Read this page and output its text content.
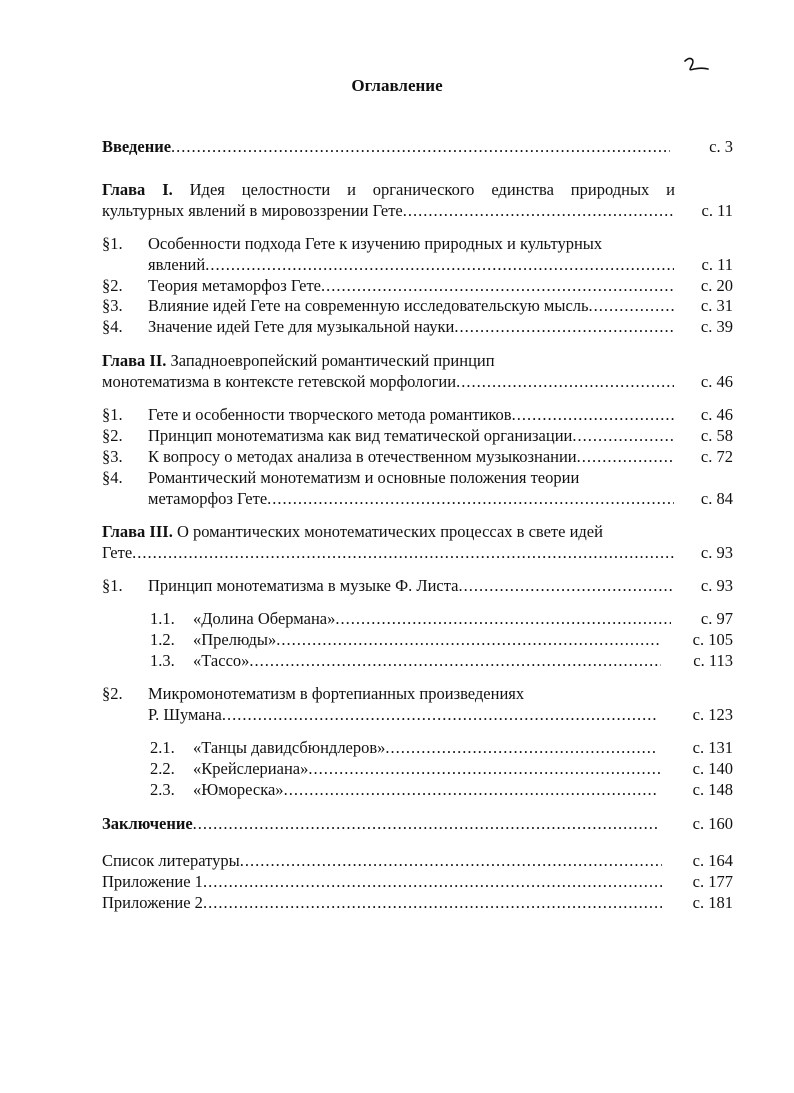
Оглавление
Введение .....	с. 3
Глава I. Идея целостности и органического единства природных и
культурных явлений в мировоззрении Гете .....	с. 11
§1. Особенности подхода Гете к изучению природных и культурных
явлений .....	с. 11
§2. Теория метаморфоз Гете .....	с. 20
§3. Влияние идей Гете на современную исследовательскую мысль .....	с. 31
§4. Значение идей Гете для музыкальной науки .....	с. 39
Глава II. Западноевропейский романтический принцип
монотематизма в контексте гетевской морфологии .....	с. 46
§1. Гете и особенности творческого метода романтиков .....	с. 46
§2. Принцип монотематизма как вид тематической организации .....	с. 58
§3. К вопросу о методах анализа в отечественном музыкознании .....	с. 72
§4. Романтический монотематизм и основные положения теории
метаморфоз Гете .....	с. 84
Глава III. О романтических монотематических процессах в свете идей
Гете .....	с. 93
§1. Принцип монотематизма в музыке Ф. Листа .....	с. 93
1.1. «Долина Обермана» .....	с. 97
1.2. «Прелюды» .....	с. 105
1.3. «Тассо» .....	с. 113
§2. Микромонотематизм в фортепианных произведениях
Р. Шумана .....	с. 123
2.1. «Танцы давидсбюндлеров» .....	с. 131
2.2. «Крейслериана» .....	с. 140
2.3. «Юмореска» .....	с. 148
Заключение .....	с. 160
Список литературы .....	с. 164
Приложение 1 .....	с. 177
Приложение 2 .....	с. 181
